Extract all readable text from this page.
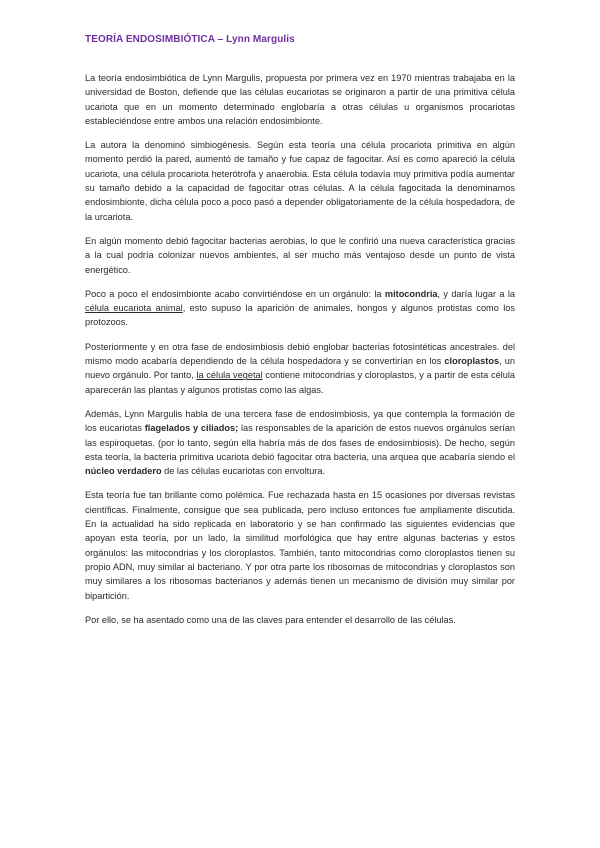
TEORÍA ENDOSIMBIÓTICA – Lynn Margulis

La teoría endosimbiótica de Lynn Margulis, propuesta por primera vez en 1970 mientras trabajaba en la universidad de Boston, defiende que las células eucariotas se originaron a partir de una primitiva célula ucariota que en un momento determinado englobaría a otras células u organismos procariotas estableciéndose entre ambos una relación endosimbionte.

La autora la denominó simbiogénesis. Según esta teoría una célula procariota primitiva en algún momento perdió la pared, aumentó de tamaño y fue capaz de fagocitar. Así es como apareció la célula ucariota, una célula procariota heterótrofa y anaerobia. Esta célula todavía muy primitiva podía aumentar su tamaño debido a la capacidad de fagocitar otras células. A la célula fagocitada la denominamos endosimbionte, dicha célula poco a poco pasó a depender obligatoriamente de la célula hospedadora, de la urcariota.

En algún momento debió fagocitar bacterias aerobias, lo que le confirió una nueva característica gracias a la cual podría colonizar nuevos ambientes, al ser mucho más ventajoso desde un punto de vista energético.

Poco a poco el endosimbionte acabo convirtiéndose en un orgánulo: la mitocondria, y daría lugar a la célula eucariota animal, esto supuso la aparición de animales, hongos y algunos protistas como los protozoos.

Posteriormente y en otra fase de endosimbiosis debió englobar bacterias fotosintéticas ancestrales. del mismo modo acabaría dependiendo de la célula hospedadora y se convertirían en los cloroplastos, un nuevo orgánulo. Por tanto, la célula vegetal contiene mitocondrias y cloroplastos, y a partir de esta célula aparecerán las plantas y algunos protistas como las algas.

Además, Lynn Margulis habla de una tercera fase de endosimbiosis, ya que contempla la formación de los eucariotas flagelados y ciliados; las responsables de la aparición de estos nuevos orgánulos serían las espiroquetas. (por lo tanto, según ella habría más de dos fases de endosimbiosis). De hecho, según esta teoría, la bacteria primitiva ucariota debió fagocitar otra bacteria, una arquea que acabaría siendo el núcleo verdadero de las células eucariotas con envoltura.

Esta teoría fue tan brillante como polémica. Fue rechazada hasta en 15 ocasiones por diversas revistas científicas. Finalmente, consigue que sea publicada, pero incluso entonces fue ampliamente discutida. En la actualidad ha sido replicada en laboratorio y se han confirmado las siguientes evidencias que apoyan esta teoría, por un lado, la similitud morfológica que hay entre algunas bacterias y estos orgánulos: las mitocondrias y los cloroplastos. También, tanto mitocondrias como cloroplastos tienen su propio ADN, muy similar al bacteriano. Y por otra parte los ribosomas de mitocondrias y cloroplastos son muy similares a los ribosomas bacterianos y además tienen un mecanismo de división muy similar por bipartición.

Por ello, se ha asentado como una de las claves para entender el desarrollo de las células.
